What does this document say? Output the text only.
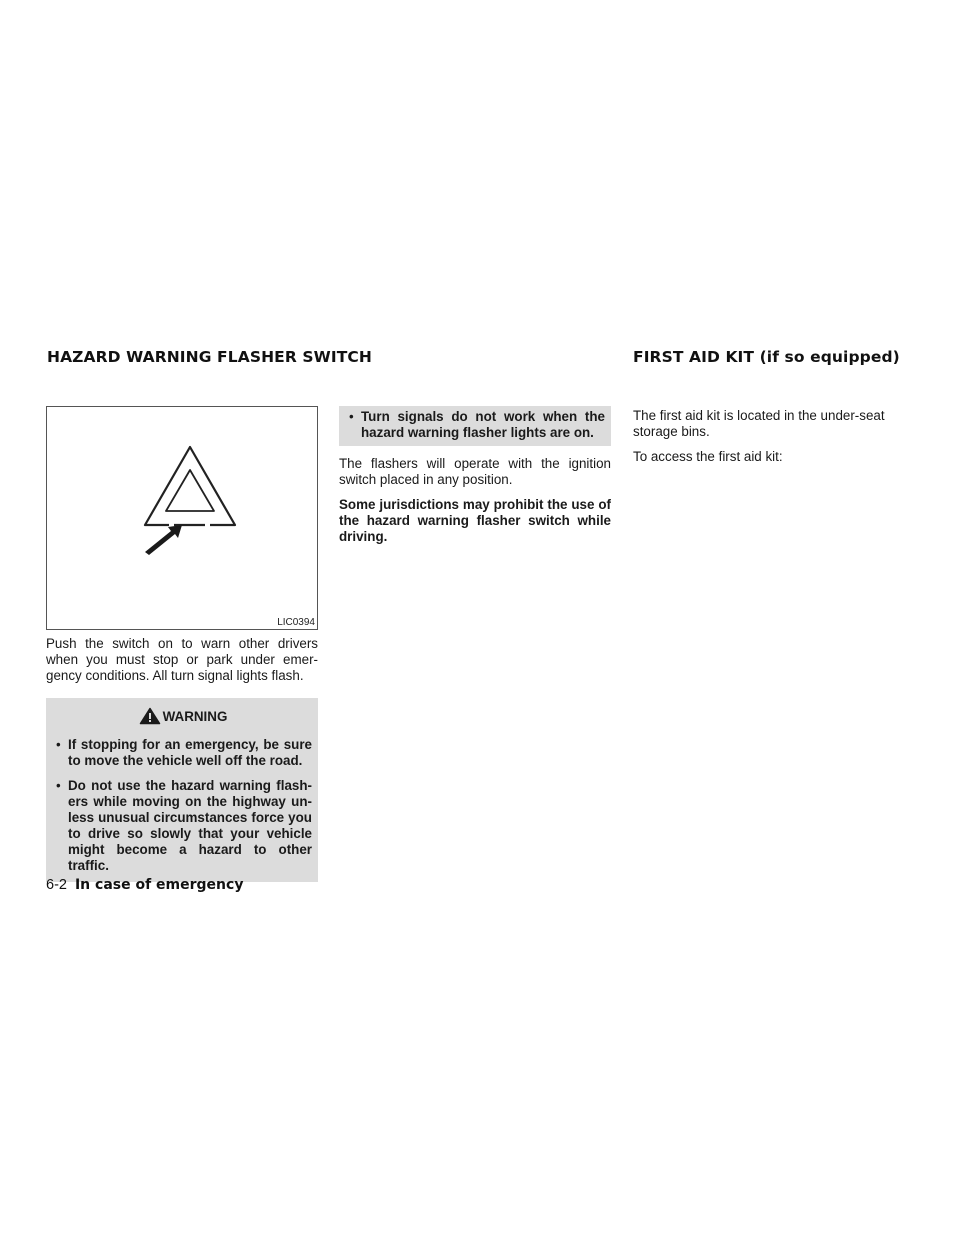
HAZARD WARNING FLASHER SWITCH	FIRST AID KIT (if so equipped)
LIC0394

Push the switch on to warn other drivers when you must stop or park under emer-gency conditions. All turn signal lights flash.

WARNING
• If stopping for an emergency, be sure to move the vehicle well off the road.
• Do not use the hazard warning flash-ers while moving on the highway un-less unusual circumstances force you to drive so slowly that your vehicle might become a hazard to other traffic.
• Turn signals do not work when the hazard warning flasher lights are on.

The flashers will operate with the ignition switch placed in any position.

Some jurisdictions may prohibit the use of the hazard warning flasher switch while driving.

The first aid kit is located in the under-seat storage bins.

To access the first aid kit:

6-2 In case of emergency
